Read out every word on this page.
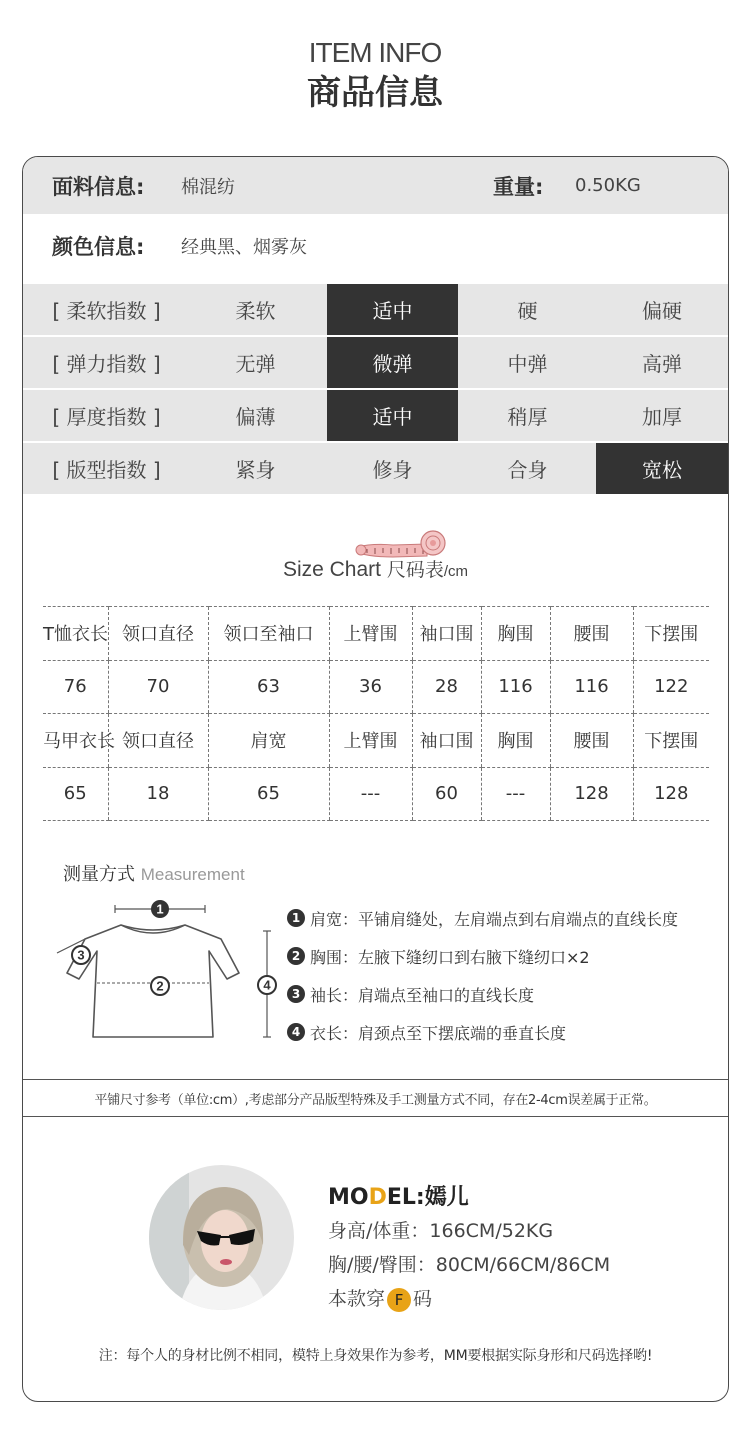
ITEM INFO
商品信息
面料信息: 棉混纺	重量: 0.50KG
颜色信息: 经典黑、烟雾灰
[ 柔软指数 ]	柔软	适中	硬	偏硬
[ 弹力指数 ]	无弹	微弹	中弹	高弹
[ 厚度指数 ]	偏薄	适中	稍厚	加厚
[ 版型指数 ]	紧身	修身	合身	宽松
Size Chart 尺码表/cm
T恤衣长	领口直径	领口至袖口	上臂围	袖口围	胸围	腰围	下摆围
76	70	63	36	28	116	116	122
马甲衣长	领口直径	肩宽	上臂围	袖口围	胸围	腰围	下摆围
65	18	65	---	60	---	128	128
测量方式 Measurement
1
2
3
4
1 肩宽：平铺肩缝处，左肩端点到右肩端点的直线长度
2 胸围：左腋下缝纫口到右腋下缝纫口×2
3 袖长：肩端点至袖口的直线长度
4 衣长：肩颈点至下摆底端的垂直长度
平铺尺寸参考（单位:cm）,考虑部分产品版型特殊及手工测量方式不同，存在2-4cm误差属于正常。
MODEL:嫣儿
身高/体重：166CM/52KG
胸/腰/臀围：80CM/66CM/86CM
本款穿 F 码
注：每个人的身材比例不相同，模特上身效果作为参考，MM要根据实际身形和尺码选择哟!
